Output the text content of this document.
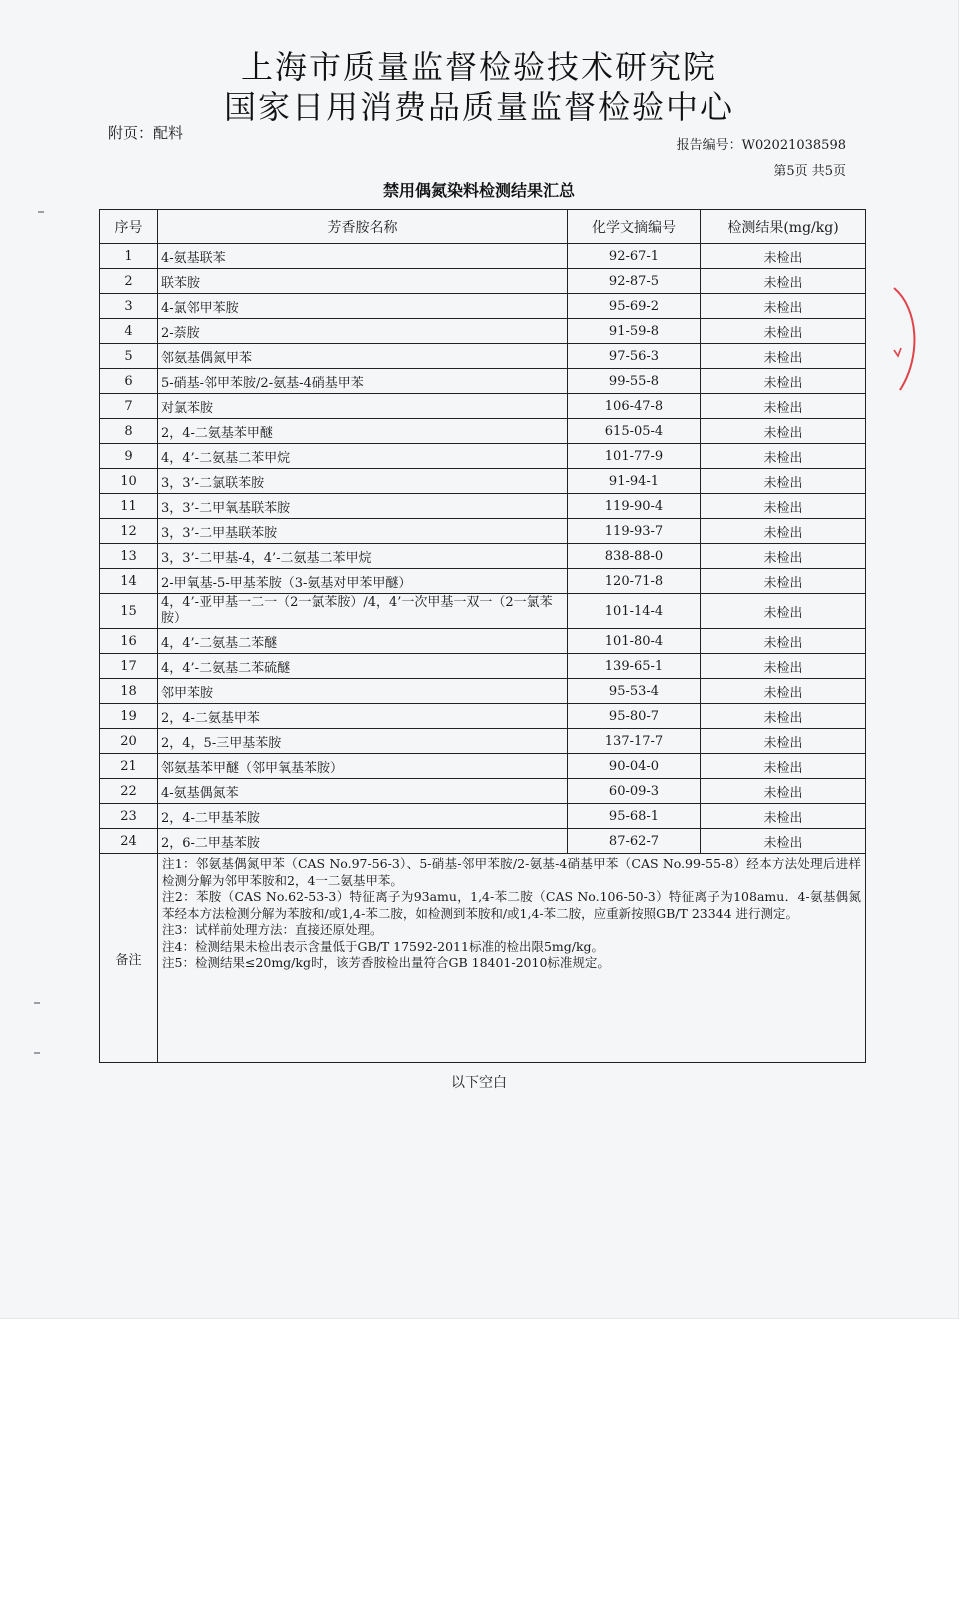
上海市质量监督检验技术研究院
国家日用消费品质量监督检验中心
附页：配料
报告编号：W02021038598
第5页 共5页
禁用偶氮染料检测结果汇总
序号	芳香胺名称	化学文摘编号	检测结果(mg/kg)
1	4-氨基联苯	92-67-1	未检出
2	联苯胺	92-87-5	未检出
3	4-氯邻甲苯胺	95-69-2	未检出
4	2-萘胺	91-59-8	未检出
5	邻氨基偶氮甲苯	97-56-3	未检出
6	5-硝基-邻甲苯胺/2-氨基-4硝基甲苯	99-55-8	未检出
7	对氯苯胺	106-47-8	未检出
8	2，4-二氨基苯甲醚	615-05-4	未检出
9	4，4’-二氨基二苯甲烷	101-77-9	未检出
10	3，3’-二氯联苯胺	91-94-1	未检出
11	3，3’-二甲氧基联苯胺	119-90-4	未检出
12	3，3’-二甲基联苯胺	119-93-7	未检出
13	3，3’-二甲基-4，4’-二氨基二苯甲烷	838-88-0	未检出
14	2-甲氧基-5-甲基苯胺（3-氨基对甲苯甲醚）	120-71-8	未检出
15	4，4’-亚甲基一二一（2一氯苯胺）/4，4’一次甲基一双一（2一氯苯胺）	101-14-4	未检出
16	4，4’-二氨基二苯醚	101-80-4	未检出
17	4，4’-二氨基二苯硫醚	139-65-1	未检出
18	邻甲苯胺	95-53-4	未检出
19	2，4-二氨基甲苯	95-80-7	未检出
20	2，4，5-三甲基苯胺	137-17-7	未检出
21	邻氨基苯甲醚（邻甲氧基苯胺）	90-04-0	未检出
22	4-氨基偶氮苯	60-09-3	未检出
23	2，4-二甲基苯胺	95-68-1	未检出
24	2，6-二甲基苯胺	87-62-7	未检出
备注	注1：邻氨基偶氮甲苯（CAS No.97-56-3）、5-硝基-邻甲苯胺/2-氨基-4硝基甲苯（CAS No.99-55-8）经本方法处理后进样检测分解为邻甲苯胺和2，4一二氨基甲苯。
注2：苯胺（CAS No.62-53-3）特征离子为93amu，1,4-苯二胺（CAS No.106-50-3）特征离子为108amu．4-氨基偶氮苯经本方法检测分解为苯胺和/或1,4-苯二胺，如检测到苯胺和/或1,4-苯二胺，应重新按照GB/T 23344 进行测定。
注3：试样前处理方法：直接还原处理。
注4：检测结果未检出表示含量低于GB/T 17592-2011标准的检出限5mg/kg。
注5：检测结果≤20mg/kg时，该芳香胺检出量符合GB 18401-2010标准规定。		
以下空白
